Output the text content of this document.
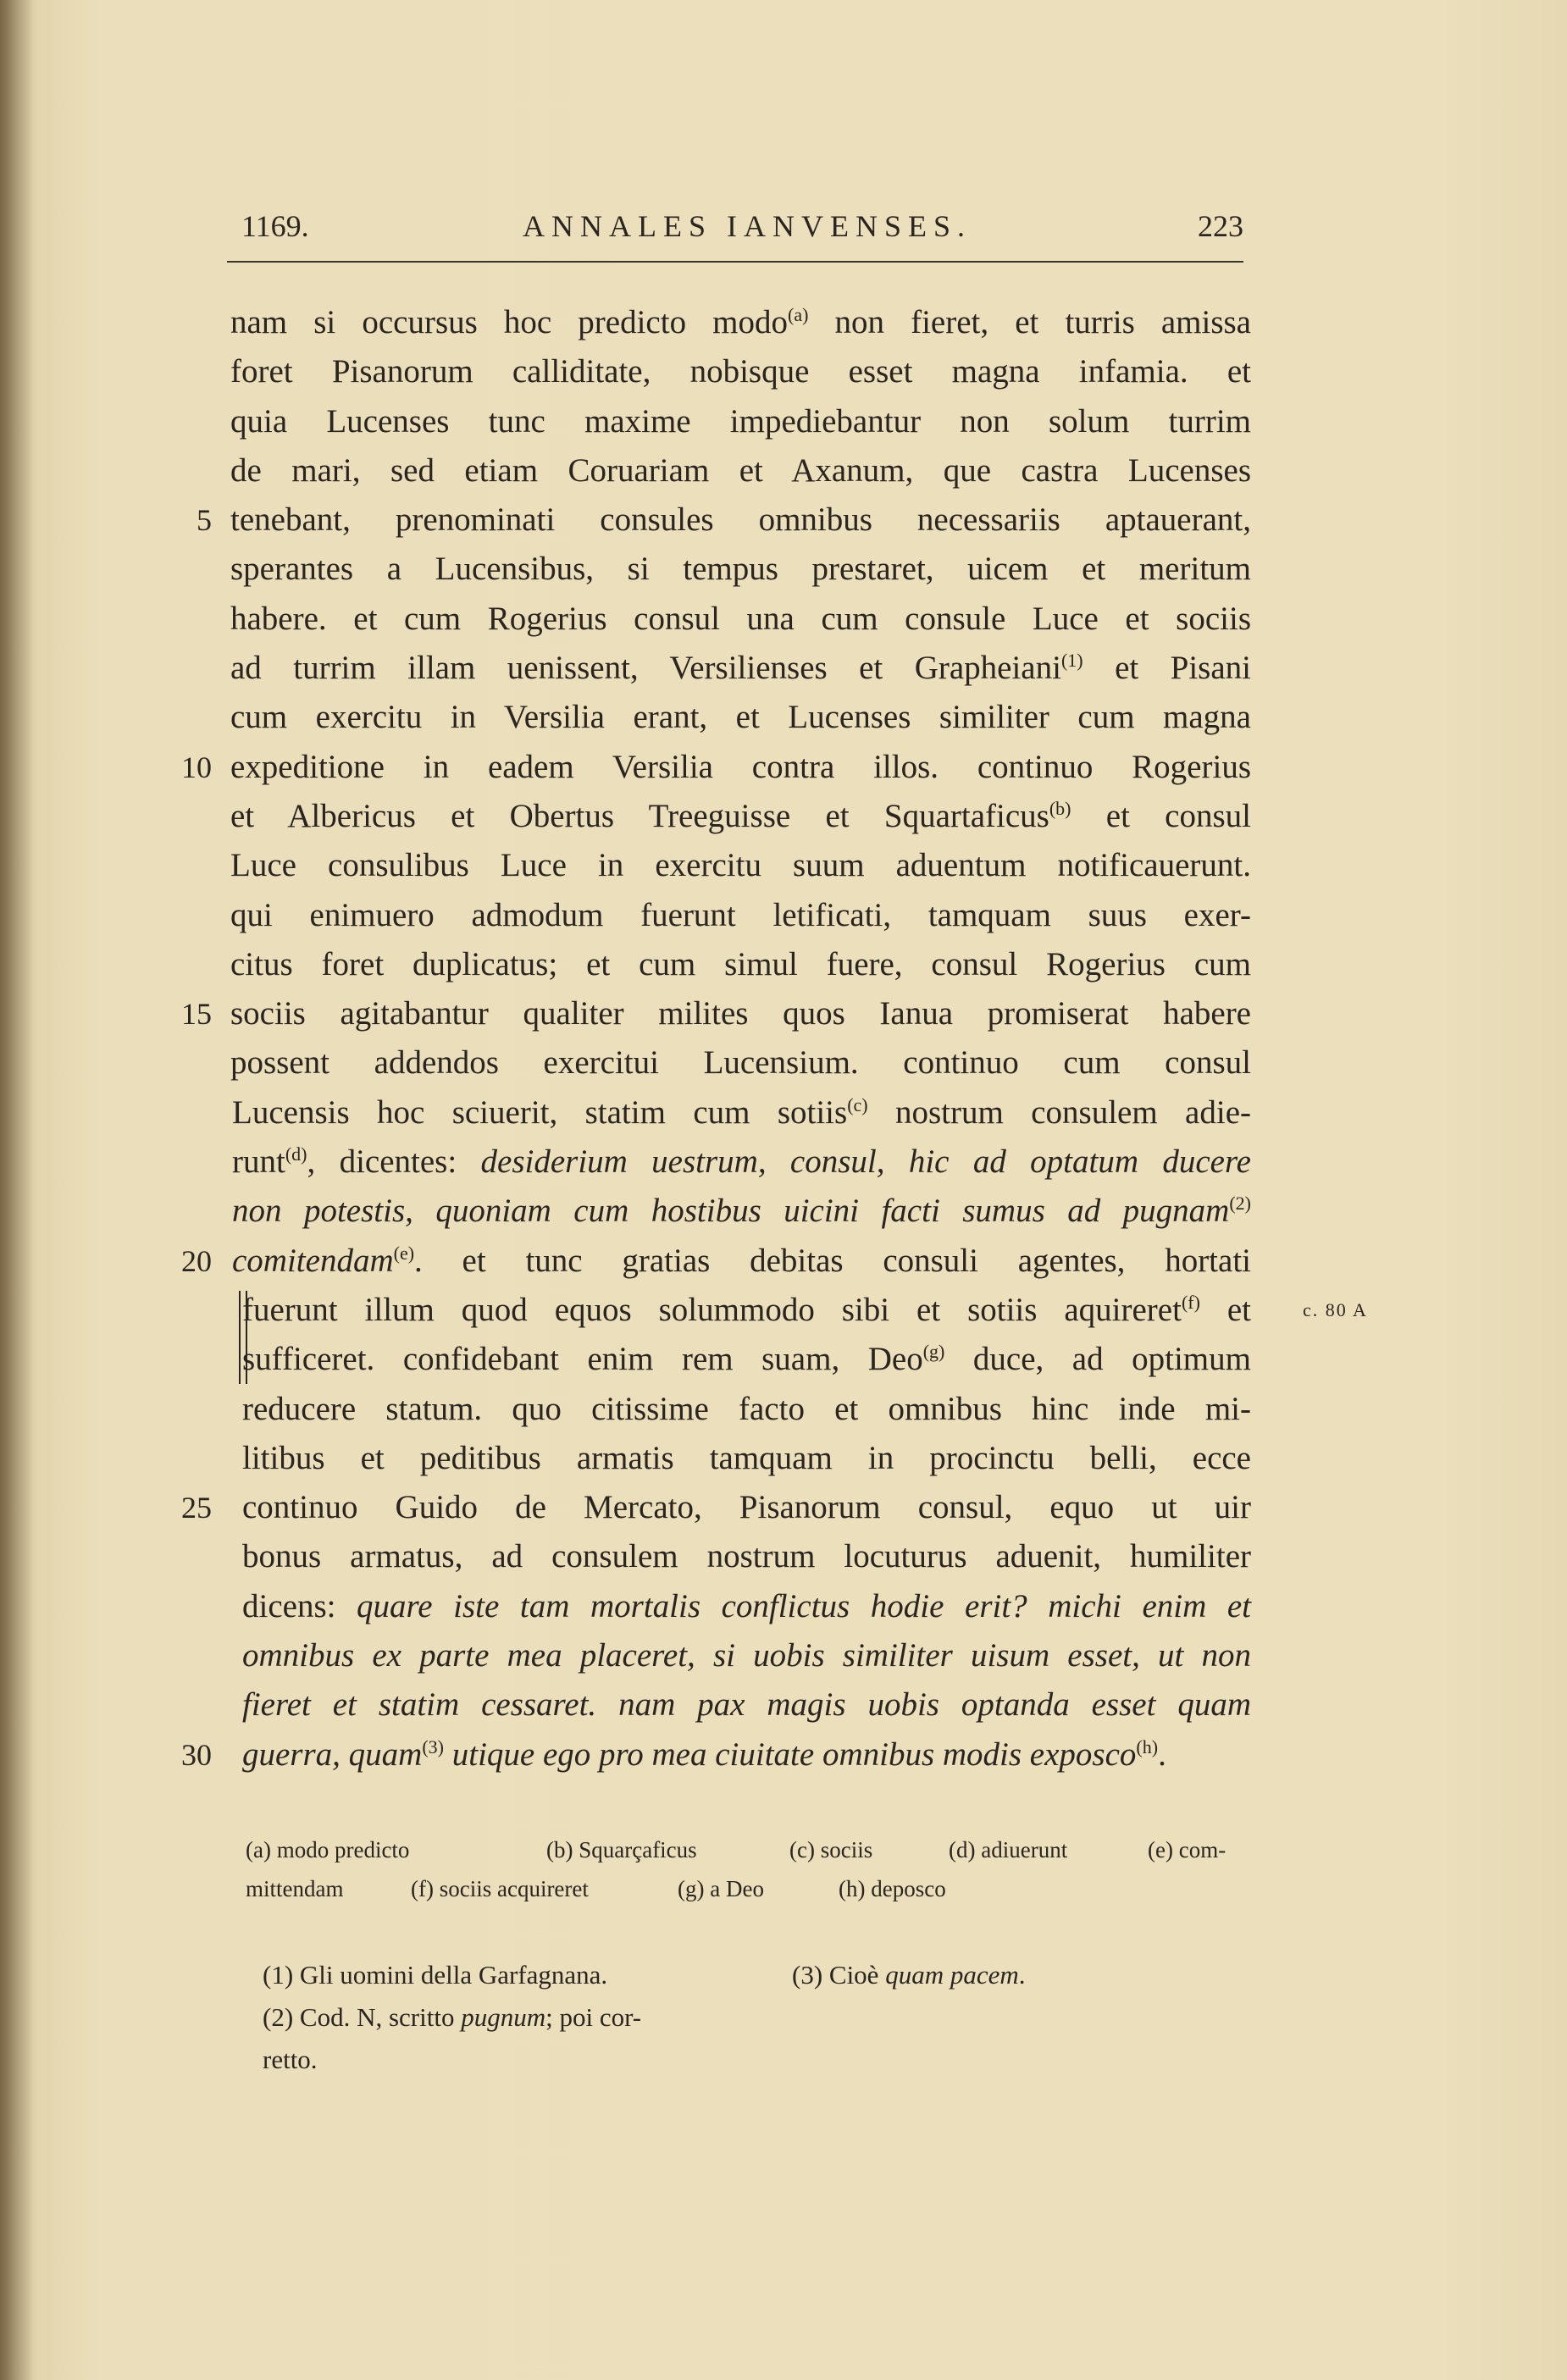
1169.	ANNALES IANVENSES.	223
nam si occursus hoc predicto modo$^{(a)}$ non fieret, et turris amissa
foret Pisanorum calliditate, nobisque esset magna infamia. et
quia Lucenses tunc maxime impediebantur non solum turrim
de mari, sed etiam Coruariam et Axanum, que castra Lucenses
tenebant, prenominati consules omnibus necessariis aptauerant,
sperantes a Lucensibus, si tempus prestaret, uicem et meritum
habere. et cum Rogerius consul una cum consule Luce et sociis
ad turrim illam uenissent, Versilienses et Grapheiani$^{(1)}$ et Pisani
cum exercitu in Versilia erant, et Lucenses similiter cum magna
expeditione in eadem Versilia contra illos. continuo Rogerius
et Albericus et Obertus Treeguisse et Squartaficus$^{(b)}$ et consul
Luce consulibus Luce in exercitu suum aduentum notificauerunt.
qui enimuero admodum fuerunt letificati, tamquam suus exer-
citus foret duplicatus; et cum simul fuere, consul Rogerius cum
sociis agitabantur qualiter milites quos Ianua promiserat habere
possent addendos exercitui Lucensium. continuo cum consul
Lucensis hoc sciuerit, statim cum sotiis$^{(c)}$ nostrum consulem adie-
runt$^{(d)}$, dicentes: desiderium uestrum, consul, hic ad optatum ducere
non potestis, quoniam cum hostibus uicini facti sumus ad pugnam$^{(2)}$
comitendam$^{(e)}$. et tunc gratias debitas consuli agentes, hortati
fuerunt illum quod equos solummodo sibi et sotiis aquireret$^{(f)}$ et
sufficeret. confidebant enim rem suam, Deo$^{(g)}$ duce, ad optimum
reducere statum. quo citissime facto et omnibus hinc inde mi-
litibus et peditibus armatis tamquam in procinctu belli, ecce
continuo Guido de Mercato, Pisanorum consul, equo ut uir
bonus armatus, ad consulem nostrum locuturus aduenit, humiliter
dicens: quare iste tam mortalis conflictus hodie erit? michi enim et
omnibus ex parte mea placeret, si uobis similiter uisum esset, ut non
fieret et statim cessaret. nam pax magis uobis optanda esset quam
guerra, quam$^{(3)}$ utique ego pro mea ciuitate omnibus modis exposco$^{(h)}$.
5
10
15
20
25
30
c. 80 A
(a) modo predicto	(b) Squarçaficus	(c) sociis	(d) adiuerunt	(e) com-
mittendam	(f) sociis acquireret	(g) a Deo	(h) deposco
(1) Gli uomini della Garfagnana.
(2) Cod. N, scritto pugnum; poi cor-
retto.
(3) Cioè quam pacem.
